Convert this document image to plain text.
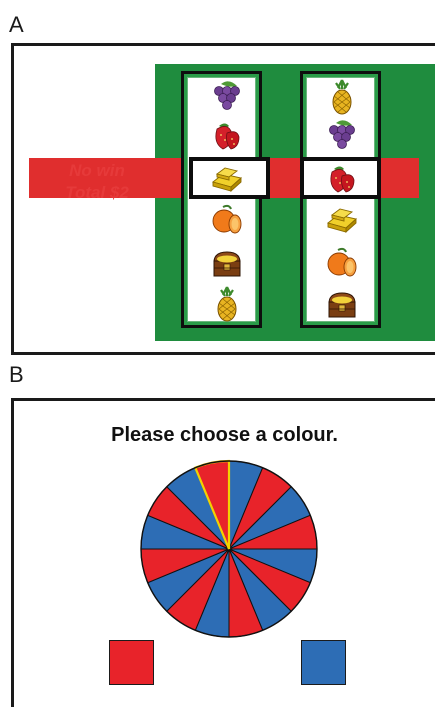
A
No win
Total $2
B
Please choose a colour.
